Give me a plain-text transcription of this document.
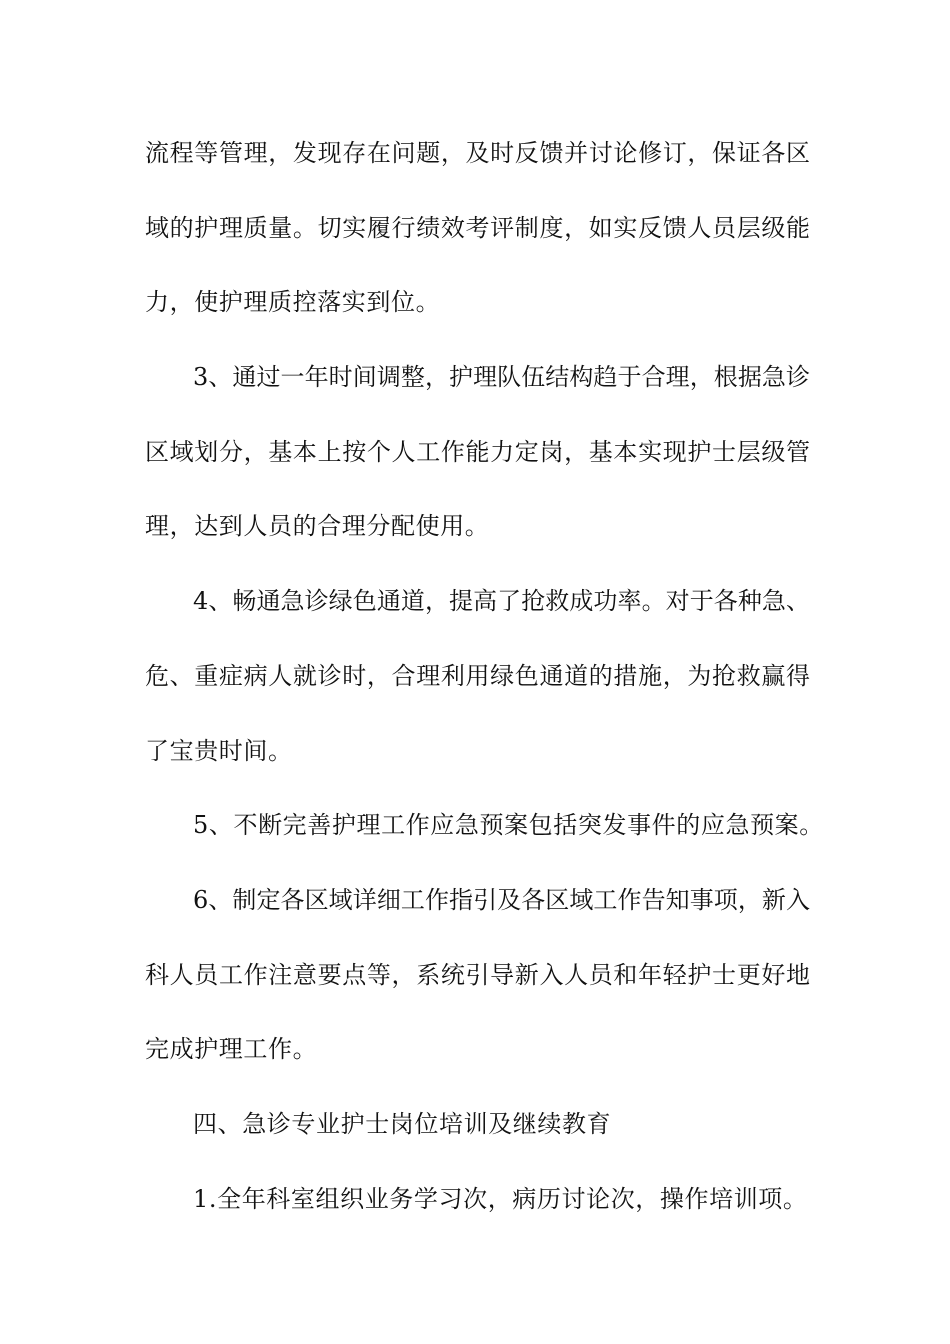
流程等管理，发现存在问题，及时反馈并讨论修订，保证各区
域的护理质量。切实履行绩效考评制度，如实反馈人员层级能
力，使护理质控落实到位。
3、通过一年时间调整，护理队伍结构趋于合理，根据急诊
区域划分，基本上按个人工作能力定岗，基本实现护士层级管
理，达到人员的合理分配使用。
4、畅通急诊绿色通道，提高了抢救成功率。对于各种急、
危、重症病人就诊时，合理利用绿色通道的措施，为抢救赢得
了宝贵时间。
5、不断完善护理工作应急预案包括突发事件的应急预案。
6、制定各区域详细工作指引及各区域工作告知事项，新入
科人员工作注意要点等，系统引导新入人员和年轻护士更好地
完成护理工作。
四、急诊专业护士岗位培训及继续教育
1.全年科室组织业务学习次，病历讨论次，操作培训项。
